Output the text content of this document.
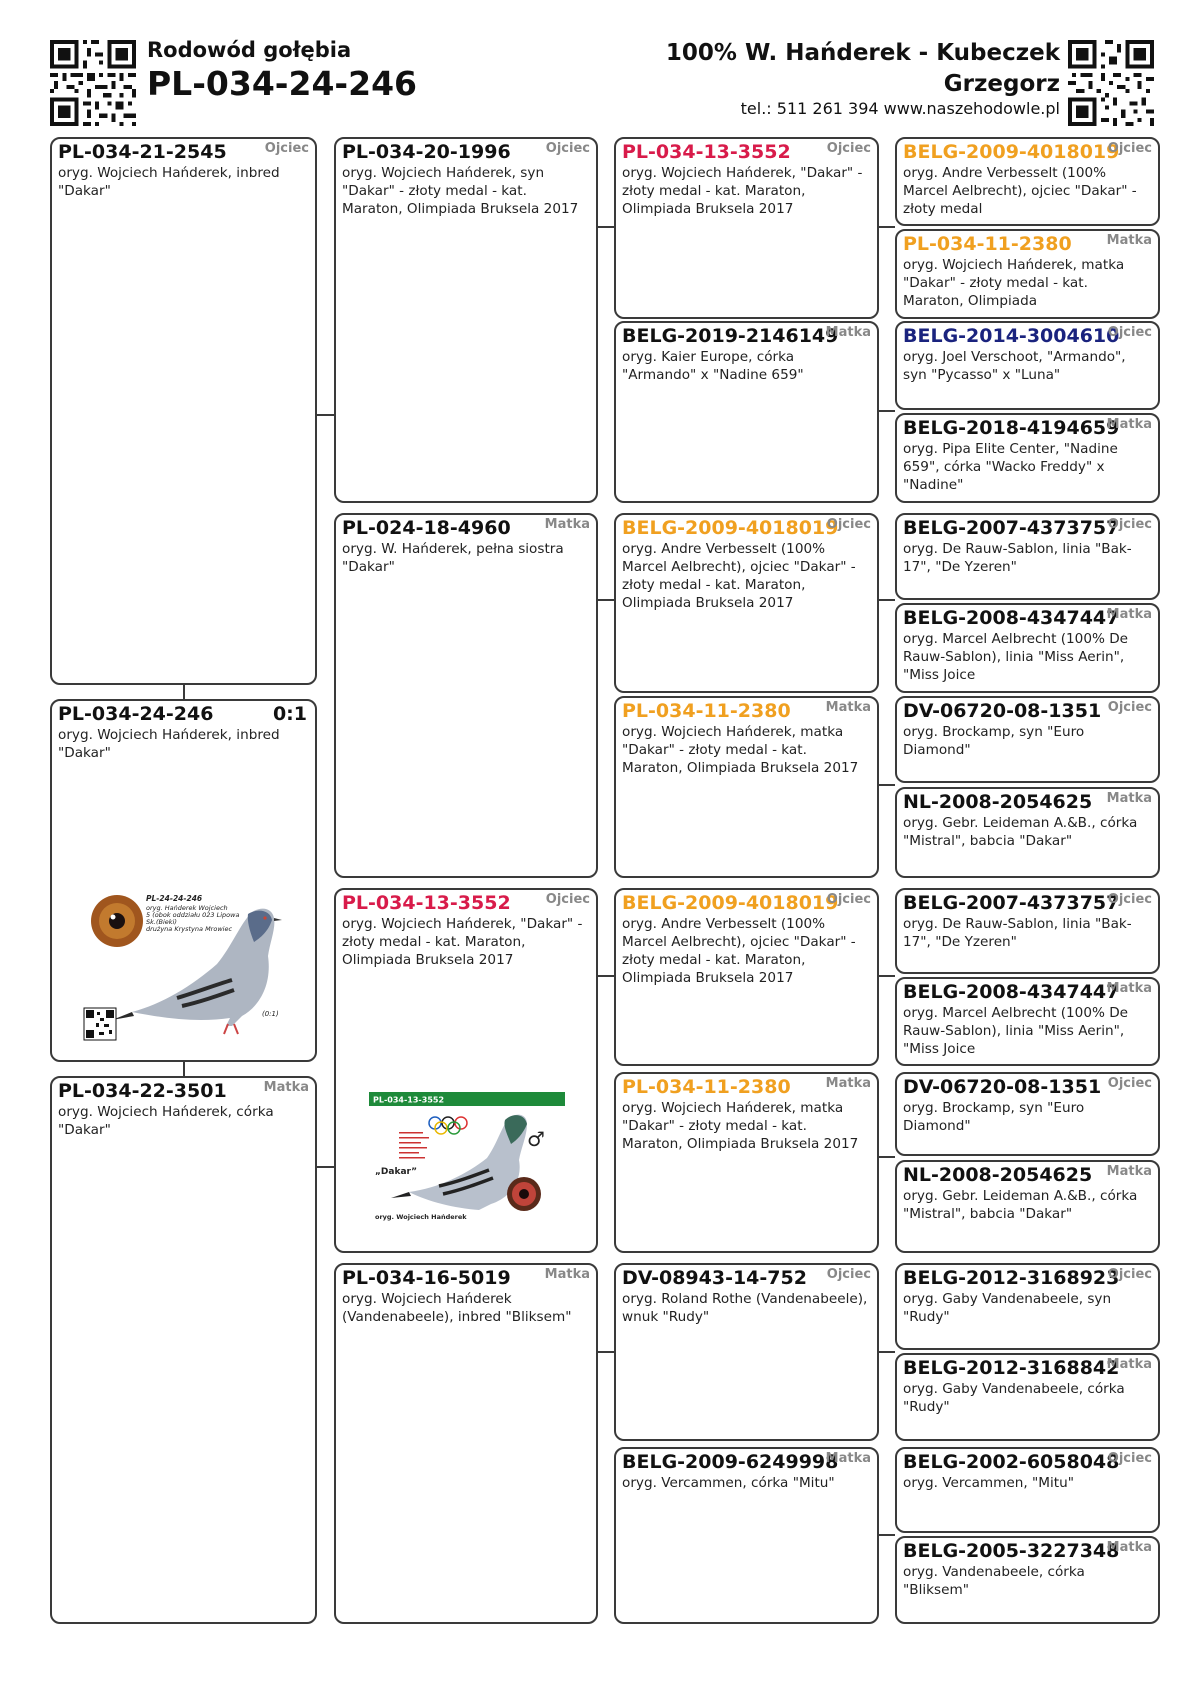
Rodowód gołębia
PL-034-24-246
100% W. Hańderek - Kubeczek Grzegorz
tel.: 511 261 394 www.naszehodowle.pl
PL-034-21-2545	Ojciec
oryg. Wojciech Hańderek, inbred "Dakar"
PL-034-24-246	0:1
oryg. Wojciech Hańderek, inbred "Dakar"
PL-24-24-246
oryg. Hańderek Wojciech
5 (obok oddziału 023 Lipowa
Sk.(Bieki)
drużyna Krystyna Mrowiec
(0:1)
PL-034-22-3501	Matka
oryg. Wojciech Hańderek, córka "Dakar"
PL-034-20-1996	Ojciec
oryg. Wojciech Hańderek, syn "Dakar" - złoty medal - kat. Maraton, Olimpiada Bruksela 2017
PL-024-18-4960	Matka
oryg. W. Hańderek, pełna siostra "Dakar"
PL-034-13-3552	Ojciec
oryg. Wojciech Hańderek, "Dakar" - złoty medal - kat. Maraton, Olimpiada Bruksela 2017
PL-034-13-3552
♂
„Dakar”
oryg. Wojciech Hańderek
PL-034-16-5019	Matka
oryg. Wojciech Hańderek (Vandenabeele), inbred "Bliksem"
PL-034-13-3552	Ojciec
oryg. Wojciech Hańderek, "Dakar" - złoty medal - kat. Maraton, Olimpiada Bruksela 2017
BELG-2019-2146149
Matka
oryg. Kaier Europe, córka "Armando" x "Nadine 659"
BELG-2009-4018019
Ojciec
oryg. Andre Verbesselt (100% Marcel Aelbrecht), ojciec "Dakar" - złoty medal - kat. Maraton, Olimpiada Bruksela 2017
PL-034-11-2380	Matka
oryg. Wojciech Hańderek, matka "Dakar" - złoty medal - kat. Maraton, Olimpiada Bruksela 2017
BELG-2009-4018019
Ojciec
oryg. Andre Verbesselt (100% Marcel Aelbrecht), ojciec "Dakar" - złoty medal - kat. Maraton, Olimpiada Bruksela 2017
PL-034-11-2380	Matka
oryg. Wojciech Hańderek, matka "Dakar" - złoty medal - kat. Maraton, Olimpiada Bruksela 2017
DV-08943-14-752	Ojciec
oryg. Roland Rothe (Vandenabeele), wnuk "Rudy"
BELG-2009-6249998
Matka
oryg. Vercammen, córka "Mitu"
BELG-2009-4018019
Ojciec
oryg. Andre Verbesselt (100% Marcel Aelbrecht), ojciec "Dakar" - złoty medal
PL-034-11-2380	Matka
oryg. Wojciech Hańderek, matka "Dakar" - złoty medal - kat. Maraton, Olimpiada
BELG-2014-3004610
Ojciec
oryg. Joel Verschoot, "Armando", syn "Pycasso" x "Luna"
BELG-2018-4194659
Matka
oryg. Pipa Elite Center, "Nadine 659", córka "Wacko Freddy" x "Nadine"
BELG-2007-4373757
Ojciec
oryg. De Rauw-Sablon, linia "Bak-17", "De Yzeren"
BELG-2008-4347447
Matka
oryg. Marcel Aelbrecht (100% De Rauw-Sablon), linia "Miss Aerin", "Miss Joice
DV-06720-08-1351 Ojciec
oryg. Brockamp, syn "Euro Diamond"
NL-2008-2054625	Matka
oryg. Gebr. Leideman A.&B., córka "Mistral", babcia "Dakar"
BELG-2007-4373757
Ojciec
oryg. De Rauw-Sablon, linia "Bak-17", "De Yzeren"
BELG-2008-4347447
Matka
oryg. Marcel Aelbrecht (100% De Rauw-Sablon), linia "Miss Aerin", "Miss Joice
DV-06720-08-1351 Ojciec
oryg. Brockamp, syn "Euro Diamond"
NL-2008-2054625	Matka
oryg. Gebr. Leideman A.&B., córka "Mistral", babcia "Dakar"
BELG-2012-3168923
Ojciec
oryg. Gaby Vandenabeele, syn "Rudy"
BELG-2012-3168842
Matka
oryg. Gaby Vandenabeele, córka "Rudy"
BELG-2002-6058048
Ojciec
oryg. Vercammen, "Mitu"
BELG-2005-3227348
Matka
oryg. Vandenabeele, córka "Bliksem"
